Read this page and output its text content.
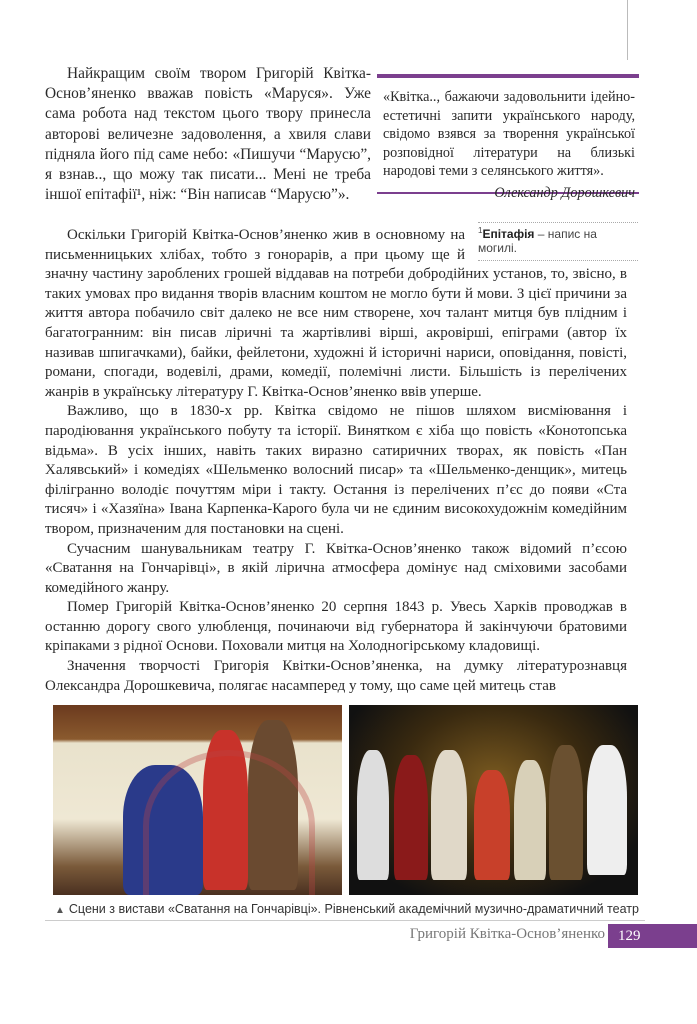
Найкращим своїм твором Григорій Квітка-Основ’яненко вважав повість «Маруся». Уже сама робота над текстом цього твору принесла авторові величезне задоволення, а хвиля слави підняла його під саме небо: «Пишучи “Марусю”, я взнав.., що можу так писати... Мені не треба іншої епітафії¹, ніж: “Він написав “Марусю”».

«Квітка.., бажаючи задовольнити ідейно-естетичні запити українського народу, свідомо взявся за творення української розповідної літератури на близькі народові теми з селянського життя».
Олександр Дорошкевич

Оскільки Григорій Квітка-Основ’яненко жив в основному на письменницьких хлібах, тобто з гонорарів, а при цьому ще й значну частину зароблених грошей віддавав на потреби добродійних установ, то, звісно, в таких умовах про видання творів власним коштом не могло бути й мови. З цієї причини за життя автора побачило світ далеко не все ним створене, хоч талант митця був плідним і багатогранним: він писав ліричні та жартівливі вірші, акровірші, епіграми (автор їх називав шпигачками), байки, фейлетони, художні й історичні нариси, оповідання, повісті, романи, спогади, водевілі, драми, комедії, полемічні листи. Більшість із перелічених жанрів в українську літературу Г. Квітка-Основ’яненко ввів уперше.

Важливо, що в 1830-х рр. Квітка свідомо не пішов шляхом висміювання і пародіювання українського побуту та історії. Винятком є хіба що повість «Конотопська відьма». В усіх інших, навіть таких виразно сатиричних творах, як повість «Пан Халявський» і комедіях «Шельменко волосний писар» та «Шельменко-денщик», митець філігранно володіє почуттям міри і такту. Остання із перелічених п’єс до появи «Ста тисяч» і «Хазяїна» Івана Карпенка-Карого була чи не єдиним високохудожнім комедійним твором, призначеним для постановки на сцені.

Сучасним шанувальникам театру Г. Квітка-Основ’яненко також відомий п’єсою «Сватання на Гончарівці», в якій лірична атмосфера домінує над сміховими засобами комедійного жанру.

Помер Григорій Квітка-Основ’яненко 20 серпня 1843 р. Увесь Харків проводжав в останню дорогу свого улюбленця, починаючи від губернатора й закінчуючи братовими кріпаками з рідної Основи. Поховали митця на Холодногірському кладовищі.

Значення творчості Григорія Квітки-Основ’яненка, на думку літературознавця Олександра Дорошкевича, полягає насамперед у тому, що саме цей митець став

$^1$Епітафія – напис на могилі.
▲ Сцени з вистави «Сватання на Гончарівці». Рівненський академічний музично-драматичний театр
Григорій Квітка-Основ’яненко 129
